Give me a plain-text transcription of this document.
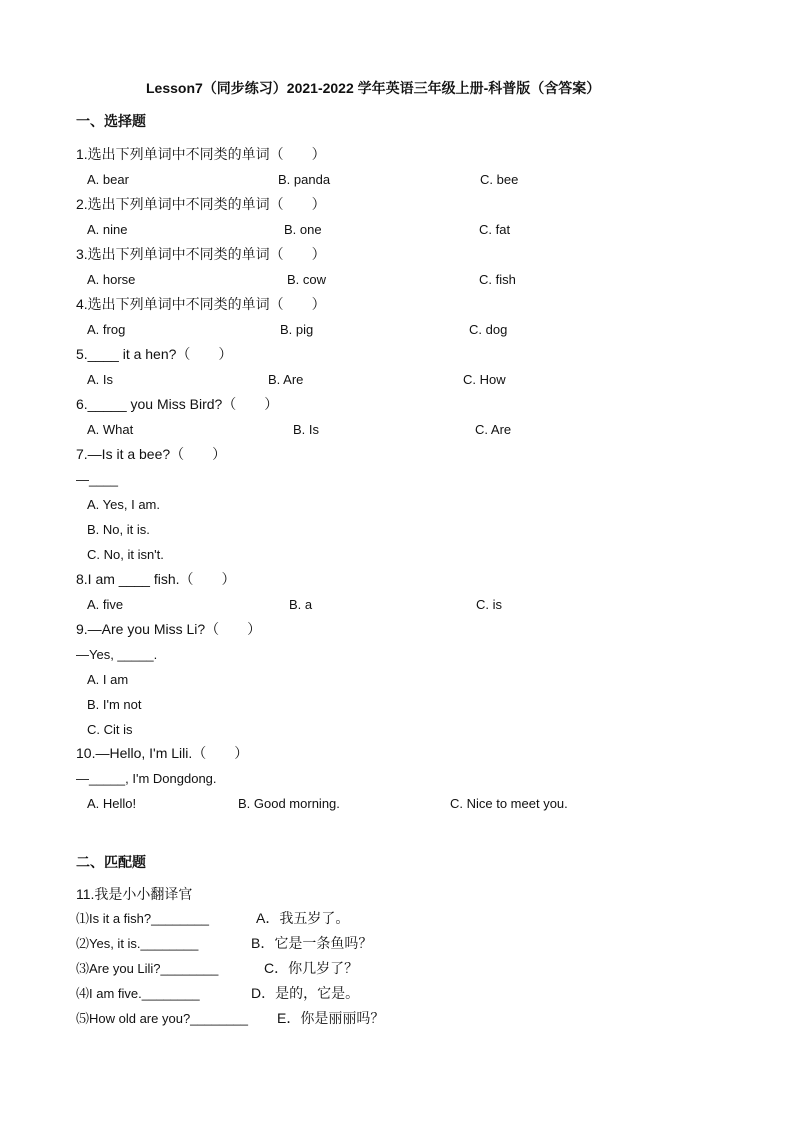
Lesson7（同步练习）2021-2022 学年英语三年级上册-科普版（含答案）
一、选择题
1.选出下列单词中不同类的单词（　　）
A. bear	B. panda	C. bee
2.选出下列单词中不同类的单词（　　）
A. nine	B. one	C. fat
3.选出下列单词中不同类的单词（　　）
A. horse	B. cow	C. fish
4.选出下列单词中不同类的单词（　　）
A. frog	B. pig	C. dog
5.____ it a hen?（　　）
A. Is	B. Are	C. How
6._____ you Miss Bird?（　　）
A. What	B. Is	C. Are
7.—Is it a bee?（　　）
—____
A. Yes, I am.
B. No, it is.
C. No, it isn't.
8.I am ____ fish.（　　）
A. five	B. a	C. is
9.—Are you Miss Li?（　　）
—Yes, _____.
A. I am
B. I'm not
C. Cit is
10.—Hello, I'm Lili.（　　）
—_____, I'm Dongdong.
A. Hello!	B. Good morning.	C. Nice to meet you.
二、匹配题
11.我是小小翻译官
⑴Is it a fish?________	A．我五岁了。
⑵Yes, it is.________	B．它是一条鱼吗？
⑶Are you Lili?________	C．你几岁了？
⑷I am five.________	D．是的，它是。
⑸How old are you?________ E．你是丽丽吗？
